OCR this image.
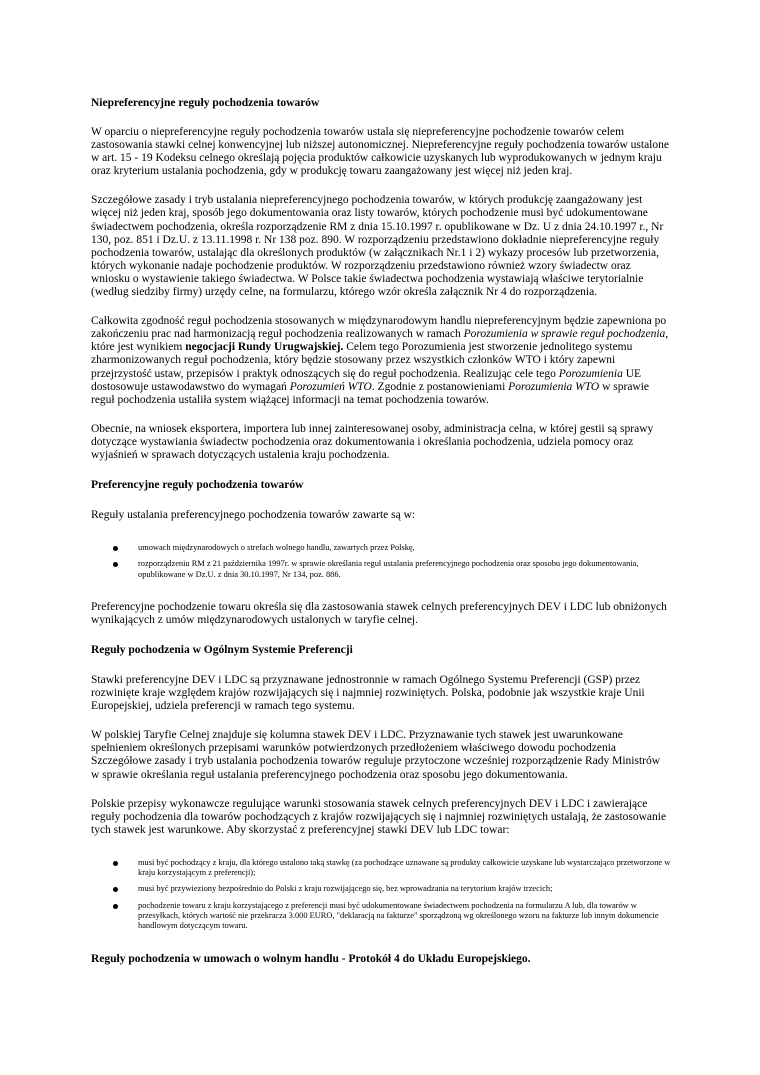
Niepreferencyjne reguły pochodzenia towarów

W oparciu o niepreferencyjne reguły pochodzenia towarów ustala się niepreferencyjne pochodzenie towarów celem zastosowania stawki celnej konwencyjnej lub niższej autonomicznej. Niepreferencyjne reguły pochodzenia towarów ustalone w art. 15 - 19 Kodeksu celnego określają pojęcia produktów całkowicie uzyskanych lub wyprodukowanych w jednym kraju oraz kryterium ustalania pochodzenia, gdy w produkcję towaru zaangażowany jest więcej niż jeden kraj.

Szczegółowe zasady i tryb ustalania niepreferencyjnego pochodzenia towarów, w których produkcję zaangażowany jest więcej niż jeden kraj, sposób jego dokumentowania oraz listy towarów, których pochodzenie musi być udokumentowane świadectwem pochodzenia, określa rozporządzenie RM z dnia 15.10.1997 r. opublikowane w Dz. U z dnia 24.10.1997 r., Nr 130, poz. 851 i Dz.U. z 13.11.1998 r. Nr 138 poz. 890. W rozporządzeniu przedstawiono dokładnie niepreferencyjne reguły pochodzenia towarów, ustalając dla określonych produktów (w załącznikach Nr.1 i 2) wykazy procesów lub przetworzenia, których wykonanie nadaje pochodzenie produktów. W rozporządzeniu przedstawiono również wzory świadectw oraz wniosku o wystawienie takiego świadectwa. W Polsce takie świadectwa pochodzenia wystawiają właściwe terytorialnie (według siedziby firmy) urzędy celne, na formularzu, którego wzór określa załącznik Nr 4 do rozporządzenia.

Całkowita zgodność reguł pochodzenia stosowanych w międzynarodowym handlu niepreferencyjnym będzie zapewniona po zakończeniu prac nad harmonizacją reguł pochodzenia realizowanych w ramach Porozumienia w sprawie reguł pochodzenia, które jest wynikiem negocjacji Rundy Urugwajskiej. Celem tego Porozumienia jest stworzenie jednolitego systemu zharmonizowanych reguł pochodzenia, który będzie stosowany przez wszystkich członków WTO i który zapewni przejrzystość ustaw, przepisów i praktyk odnoszących się do reguł pochodzenia. Realizując cele tego Porozumienia UE dostosowuje ustawodawstwo do wymagań Porozumień WTO. Zgodnie z postanowieniami Porozumienia WTO w sprawie reguł pochodzenia ustaliła system wiążącej informacji na temat pochodzenia towarów.

Obecnie, na wniosek eksportera, importera lub innej zainteresowanej osoby, administracja celna, w której gestii są sprawy dotyczące wystawiania świadectw pochodzenia oraz dokumentowania i określania pochodzenia, udziela pomocy oraz wyjaśnień w sprawach dotyczących ustalenia kraju pochodzenia.

Preferencyjne reguły pochodzenia towarów

Reguły ustalania preferencyjnego pochodzenia towarów zawarte są w:

umowach międzynarodowych o strefach wolnego handlu, zawartych przez Polskę,
rozporządzeniu RM z 21 października 1997r. w sprawie określania reguł ustalania preferencyjnego pochodzenia oraz sposobu jego dokumentowania, opublikowane w Dz.U. z dnia 30.10.1997, Nr 134, poz. 886.

Preferencyjne pochodzenie towaru określa się dla zastosowania stawek celnych preferencyjnych DEV i LDC lub obniżonych wynikających z umów międzynarodowych ustalonych w taryfie celnej.

Reguły pochodzenia w Ogólnym Systemie Preferencji

Stawki preferencyjne DEV i LDC są przyznawane jednostronnie w ramach Ogólnego Systemu Preferencji (GSP) przez rozwinięte kraje względem krajów rozwijających się i najmniej rozwiniętych. Polska, podobnie jak wszystkie kraje Unii Europejskiej, udziela preferencji w ramach tego systemu.

W polskiej Taryfie Celnej znajduje się kolumna stawek DEV i LDC. Przyznawanie tych stawek jest uwarunkowane spełnieniem określonych przepisami warunków potwierdzonych przedłożeniem właściwego dowodu pochodzenia Szczegółowe zasady i tryb ustalania pochodzenia towarów reguluje przytoczone wcześniej rozporządzenie Rady Ministrów w sprawie określania reguł ustalania preferencyjnego pochodzenia oraz sposobu jego dokumentowania.

Polskie przepisy wykonawcze regulujące warunki stosowania stawek celnych preferencyjnych DEV i LDC i zawierające reguły pochodzenia dla towarów pochodzących z krajów rozwijających się i najmniej rozwiniętych ustalają, że zastosowanie tych stawek jest warunkowe. Aby skorzystać z preferencyjnej stawki DEV lub LDC towar:

musi być pochodzący z kraju, dla którego ustalono taką stawkę (za pochodzące uznawane są produkty całkowicie uzyskane lub wystarczająco przetworzone w kraju korzystającym z preferencji);
musi być przywieziony bezpośrednio do Polski z kraju rozwijającego się, bez wprowadzania na terytorium krajów trzecich;
pochodzenie towaru z kraju korzystającego z preferencji musi być udokumentowane świadectwem pochodzenia na formularzu A lub, dla towarów w przesyłkach, których wartość nie przekracza 3.000 EURO, "deklaracją na fakturze" sporządzoną wg określonego wzoru na fakturze lub innym dokumencie handlowym dotyczącym towaru.
Reguły pochodzenia w umowach o wolnym handlu - Protokół 4 do Układu Europejskiego.
